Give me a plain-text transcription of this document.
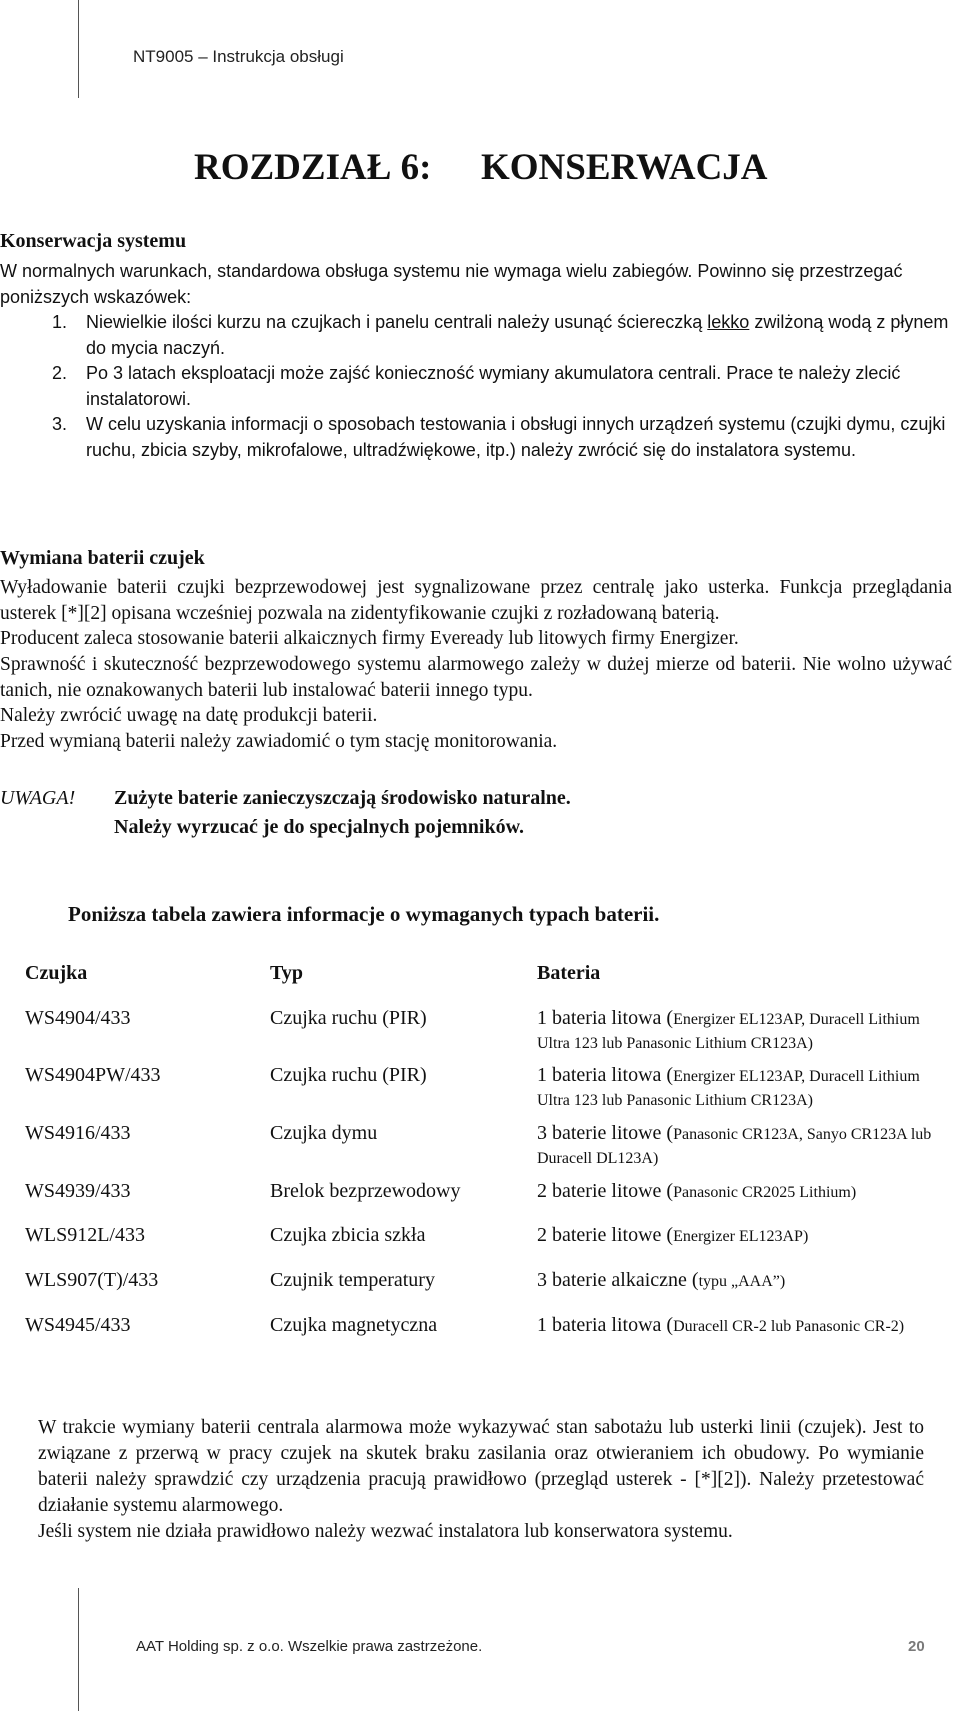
NT9005 – Instrukcja obsługi
ROZDZIAŁ 6: KONSERWACJA
Konserwacja systemu
W normalnych warunkach, standardowa obsługa systemu nie wymaga wielu zabiegów. Powinno się przestrzegać poniższych wskazówek:
1. Niewielkie ilości kurzu na czujkach i panelu centrali należy usunąć ściereczką lekko zwilżoną wodą z płynem do mycia naczyń.
2. Po 3 latach eksploatacji może zajść konieczność wymiany akumulatora centrali. Prace te należy zlecić instalatorowi.
3. W celu uzyskania informacji o sposobach testowania i obsługi innych urządzeń systemu (czujki dymu, czujki ruchu, zbicia szyby, mikrofalowe, ultradźwiękowe, itp.) należy zwrócić się do instalatora systemu.
Wymiana baterii czujek
Wyładowanie baterii czujki bezprzewodowej jest sygnalizowane przez centralę jako usterka. Funkcja przeglądania usterek [*][2] opisana wcześniej pozwala na zidentyfikowanie czujki z rozładowaną baterią.
Producent zaleca stosowanie baterii alkaicznych firmy Eveready lub litowych firmy Energizer.
Sprawność i skuteczność bezprzewodowego systemu alarmowego zależy w dużej mierze od baterii. Nie wolno używać tanich, nie oznakowanych baterii lub instalować baterii innego typu.
Należy zwrócić uwagę na datę produkcji baterii.
Przed wymianą baterii należy zawiadomić o tym stację monitorowania.
UWAGA! Zużyte baterie zanieczyszczają środowisko naturalne.
Należy wyrzucać je do specjalnych pojemników.
Poniższa tabela zawiera informacje o wymaganych typach baterii.
Czujka	Typ	Bateria
WS4904/433	Czujka ruchu (PIR)	1 bateria litowa (Energizer EL123AP, Duracell Lithium Ultra 123 lub Panasonic Lithium CR123A)
WS4904PW/433	Czujka ruchu (PIR)	1 bateria litowa (Energizer EL123AP, Duracell Lithium Ultra 123 lub Panasonic Lithium CR123A)
WS4916/433	Czujka dymu	3 baterie litowe (Panasonic CR123A, Sanyo CR123A lub Duracell DL123A)
WS4939/433	Brelok bezprzewodowy	2 baterie litowe (Panasonic CR2025 Lithium)
WLS912L/433	Czujka zbicia szkła	2 baterie litowe (Energizer EL123AP)
WLS907(T)/433	Czujnik temperatury	3 baterie alkaiczne (typu „AAA”)
WS4945/433	Czujka magnetyczna	1 bateria litowa (Duracell CR-2 lub Panasonic CR-2)
W trakcie wymiany baterii centrala alarmowa może wykazywać stan sabotażu lub usterki linii (czujek). Jest to związane z przerwą w pracy czujek na skutek braku zasilania oraz otwieraniem ich obudowy. Po wymianie baterii należy sprawdzić czy urządzenia pracują prawidłowo (przegląd usterek - [*][2]). Należy przetestować działanie systemu alarmowego.
Jeśli system nie działa prawidłowo należy wezwać instalatora lub konserwatora systemu.
AAT Holding sp. z o.o. Wszelkie prawa zastrzeżone.	20
